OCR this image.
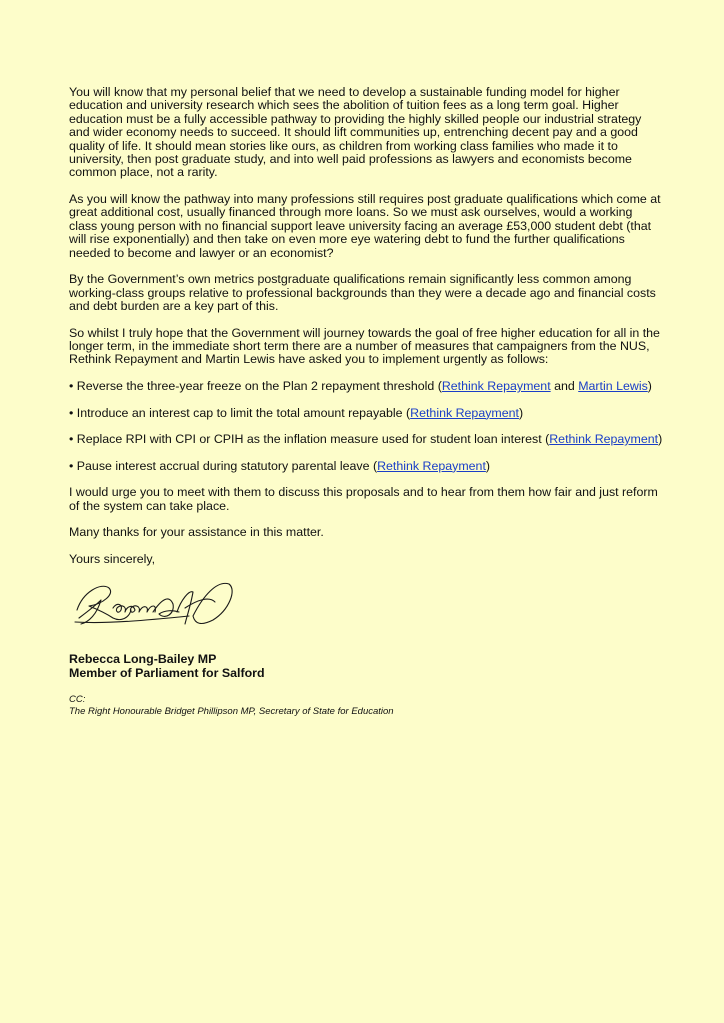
You will know that my personal belief that we need to develop a sustainable funding model for higher education and university research which sees the abolition of tuition fees as a long term goal. Higher education must be a fully accessible pathway to providing the highly skilled people our industrial strategy and wider economy needs to succeed. It should lift communities up, entrenching decent pay and a good quality of life. It should mean stories like ours, as children from working class families who made it to university, then post graduate study, and into well paid professions as lawyers and economists become common place, not a rarity.

As you will know the pathway into many professions still requires post graduate qualifications which come at great additional cost, usually financed through more loans. So we must ask ourselves, would a working class young person with no financial support leave university facing an average £53,000 student debt (that will rise exponentially) and then take on even more eye watering debt to fund the further qualifications needed to become and lawyer or an economist?

By the Government’s own metrics postgraduate qualifications remain significantly less common among working-class groups relative to professional backgrounds than they were a decade ago and financial costs and debt burden are a key part of this.

So whilst I truly hope that the Government will journey towards the goal of free higher education for all in the longer term, in the immediate short term there are a number of measures that campaigners from the NUS, Rethink Repayment and Martin Lewis have asked you to implement urgently as follows:

• Reverse the three-year freeze on the Plan 2 repayment threshold (Rethink Repayment and Martin Lewis)

• Introduce an interest cap to limit the total amount repayable (Rethink Repayment)

• Replace RPI with CPI or CPIH as the inflation measure used for student loan interest (Rethink Repayment)

• Pause interest accrual during statutory parental leave (Rethink Repayment)

I would urge you to meet with them to discuss this proposals and to hear from them how fair and just reform of the system can take place.

Many thanks for your assistance in this matter.

Yours sincerely,

Rebecca Long-Bailey MP
Member of Parliament for Salford
CC:
The Right Honourable Bridget Phillipson MP, Secretary of State for Education
